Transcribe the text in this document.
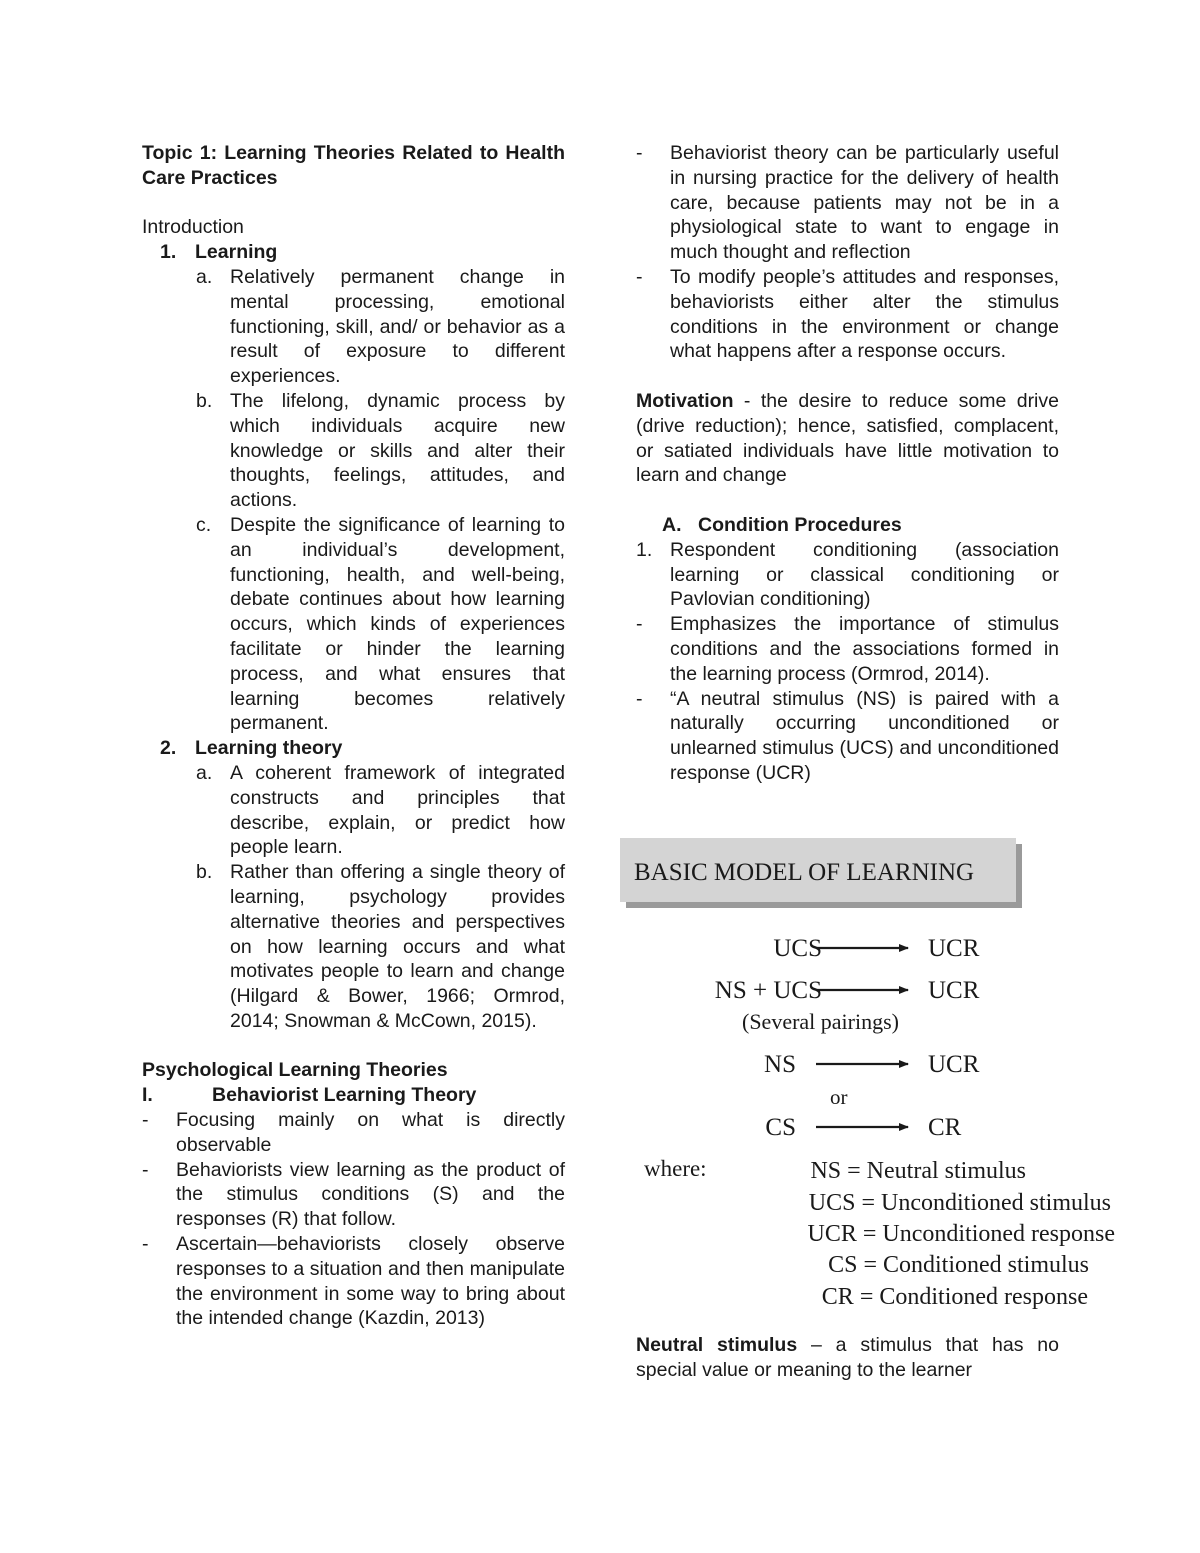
Topic 1: Learning Theories Related to Health Care Practices
Introduction
1. Learning
a. Relatively permanent change in mental processing, emotional functioning, skill, and/ or behavior as a result of exposure to different experiences.
b. The lifelong, dynamic process by which individuals acquire new knowledge or skills and alter their thoughts, feelings, attitudes, and actions.
c. Despite the significance of learning to an individual’s development, functioning, health, and well-being, debate continues about how learning occurs, which kinds of experiences facilitate or hinder the learning process, and what ensures that learning becomes relatively permanent.
2. Learning theory
a. A coherent framework of integrated constructs and principles that describe, explain, or predict how people learn.
b. Rather than offering a single theory of learning, psychology provides alternative theories and perspectives on how learning occurs and what motivates people to learn and change (Hilgard & Bower, 1966; Ormrod, 2014; Snowman & McCown, 2015).
Psychological Learning Theories
I.	Behaviorist Learning Theory
- Focusing mainly on what is directly observable
- Behaviorists view learning as the product of the stimulus conditions (S) and the responses (R) that follow.
- Ascertain—behaviorists closely observe responses to a situation and then manipulate the environment in some way to bring about the intended change (Kazdin, 2013)
- Behaviorist theory can be particularly useful in nursing practice for the delivery of health care, because patients may not be in a physiological state to want to engage in much thought and reflection
- To modify people’s attitudes and responses, behaviorists either alter the stimulus conditions in the environment or change what happens after a response occurs.
Motivation - the desire to reduce some drive (drive reduction); hence, satisfied, complacent, or satiated individuals have little motivation to learn and change
A. Condition Procedures
1. Respondent conditioning (association learning or classical conditioning or Pavlovian conditioning)
- Emphasizes the importance of stimulus conditions and the associations formed in the learning process (Ormrod, 2014).
- “A neutral stimulus (NS) is paired with a naturally occurring unconditioned or unlearned stimulus (UCS) and unconditioned response (UCR)
BASIC MODEL OF LEARNING
UCS	UCR
NS + UCS	UCR
(Several pairings)
NS	UCR
or
CS	CR
where:	NS = Neutral stimulus
UCS = Unconditioned stimulus
UCR = Unconditioned response
CS = Conditioned stimulus
CR = Conditioned response
Neutral stimulus – a stimulus that has no special value or meaning to the learner
